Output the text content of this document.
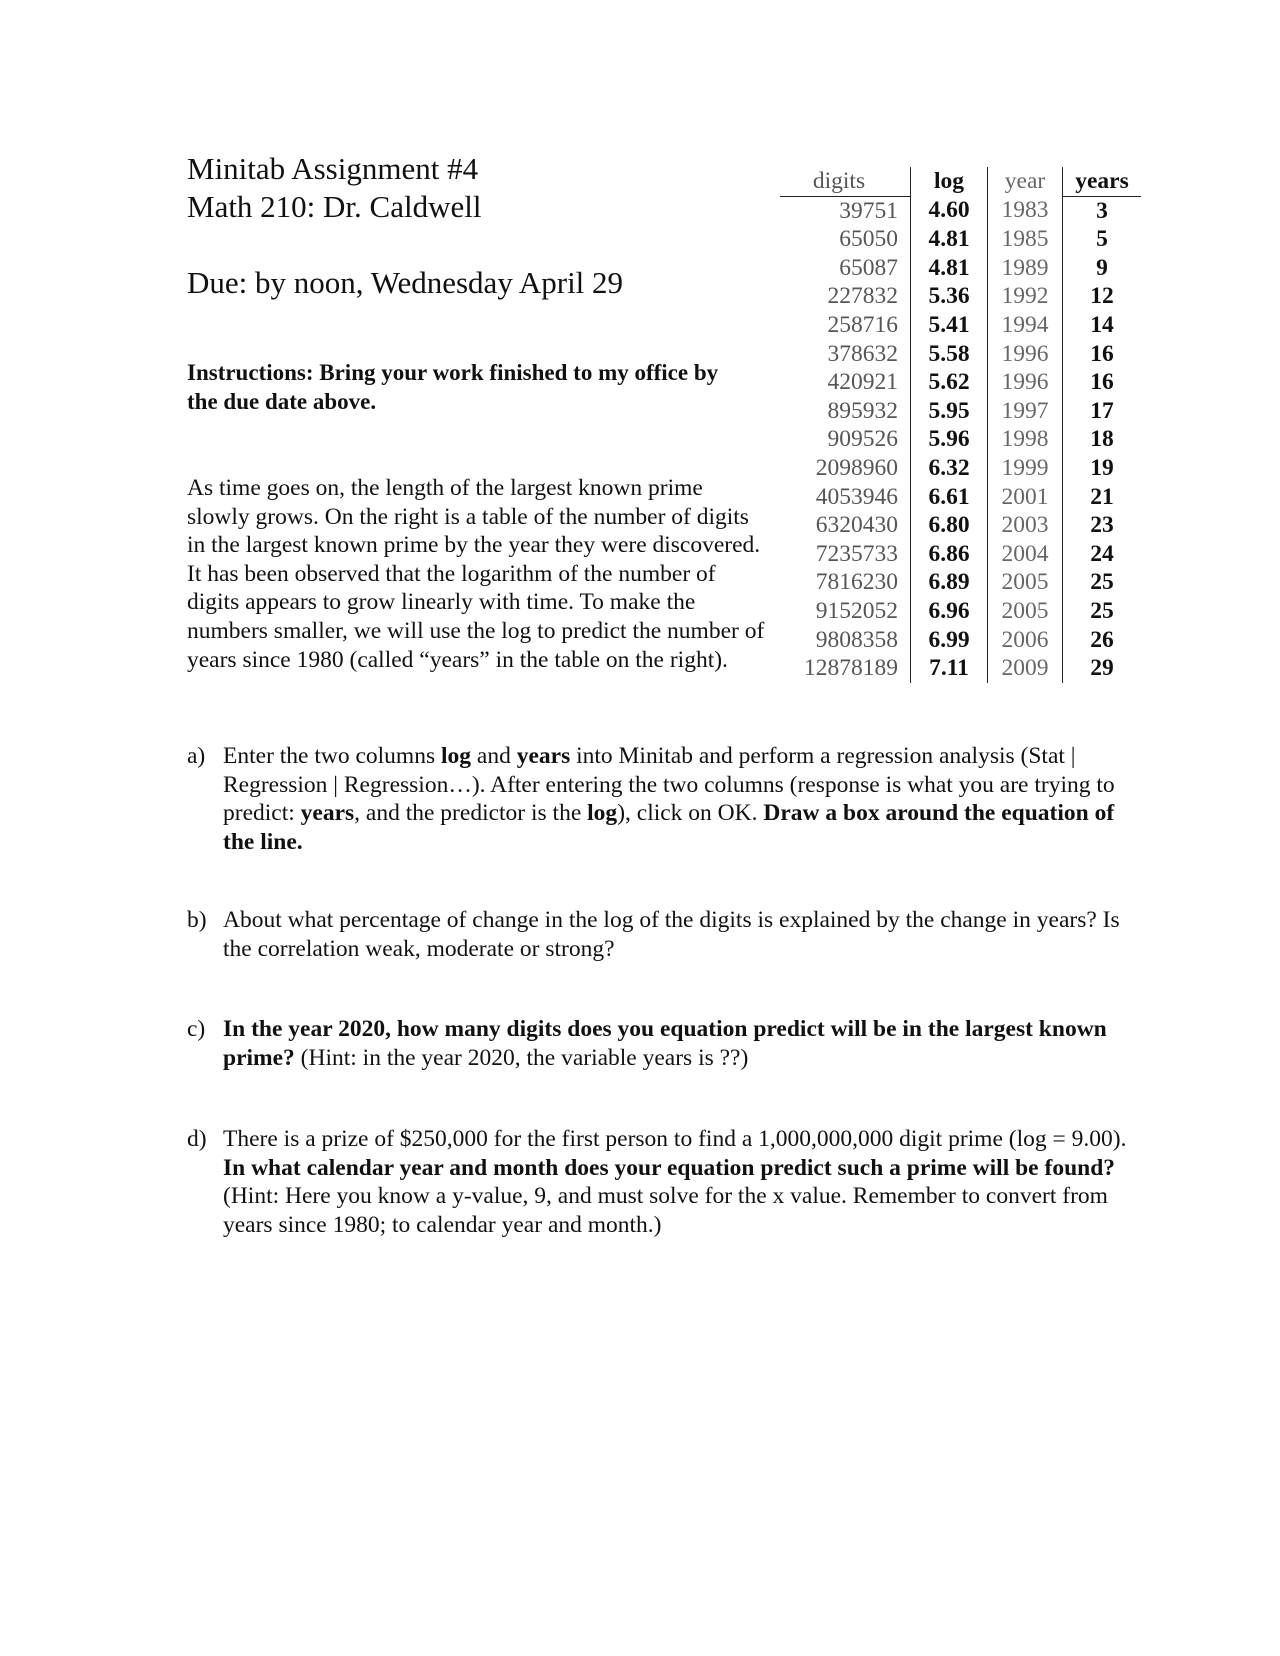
Minitab Assignment #4
Math 210: Dr. Caldwell
Due: by noon, Wednesday April 29
Instructions: Bring your work finished to my office by the due date above.
As time goes on, the length of the largest known prime slowly grows. On the right is a table of the number of digits in the largest known prime by the year they were discovered. It has been observed that the logarithm of the number of digits appears to grow linearly with time. To make the numbers smaller, we will use the log to predict the number of years since 1980 (called “years” in the table on the right).
digits	log	year	years
39751	4.60	1983	3
65050	4.81	1985	5
65087	4.81	1989	9
227832	5.36	1992	12
258716	5.41	1994	14
378632	5.58	1996	16
420921	5.62	1996	16
895932	5.95	1997	17
909526	5.96	1998	18
2098960	6.32	1999	19
4053946	6.61	2001	21
6320430	6.80	2003	23
7235733	6.86	2004	24
7816230	6.89	2005	25
9152052	6.96	2005	25
9808358	6.99	2006	26
12878189	7.11	2009	29
a) Enter the two columns log and years into Minitab and perform a regression analysis (Stat | Regression | Regression…). After entering the two columns (response is what you are trying to predict: years, and the predictor is the log), click on OK. Draw a box around the equation of the line.
b) About what percentage of change in the log of the digits is explained by the change in years? Is the correlation weak, moderate or strong?
c) In the year 2020, how many digits does you equation predict will be in the largest known prime? (Hint: in the year 2020, the variable years is ??)
d) There is a prize of $250,000 for the first person to find a 1,000,000,000 digit prime (log = 9.00). In what calendar year and month does your equation predict such a prime will be found? (Hint: Here you know a y-value, 9, and must solve for the x value. Remember to convert from years since 1980; to calendar year and month.)
